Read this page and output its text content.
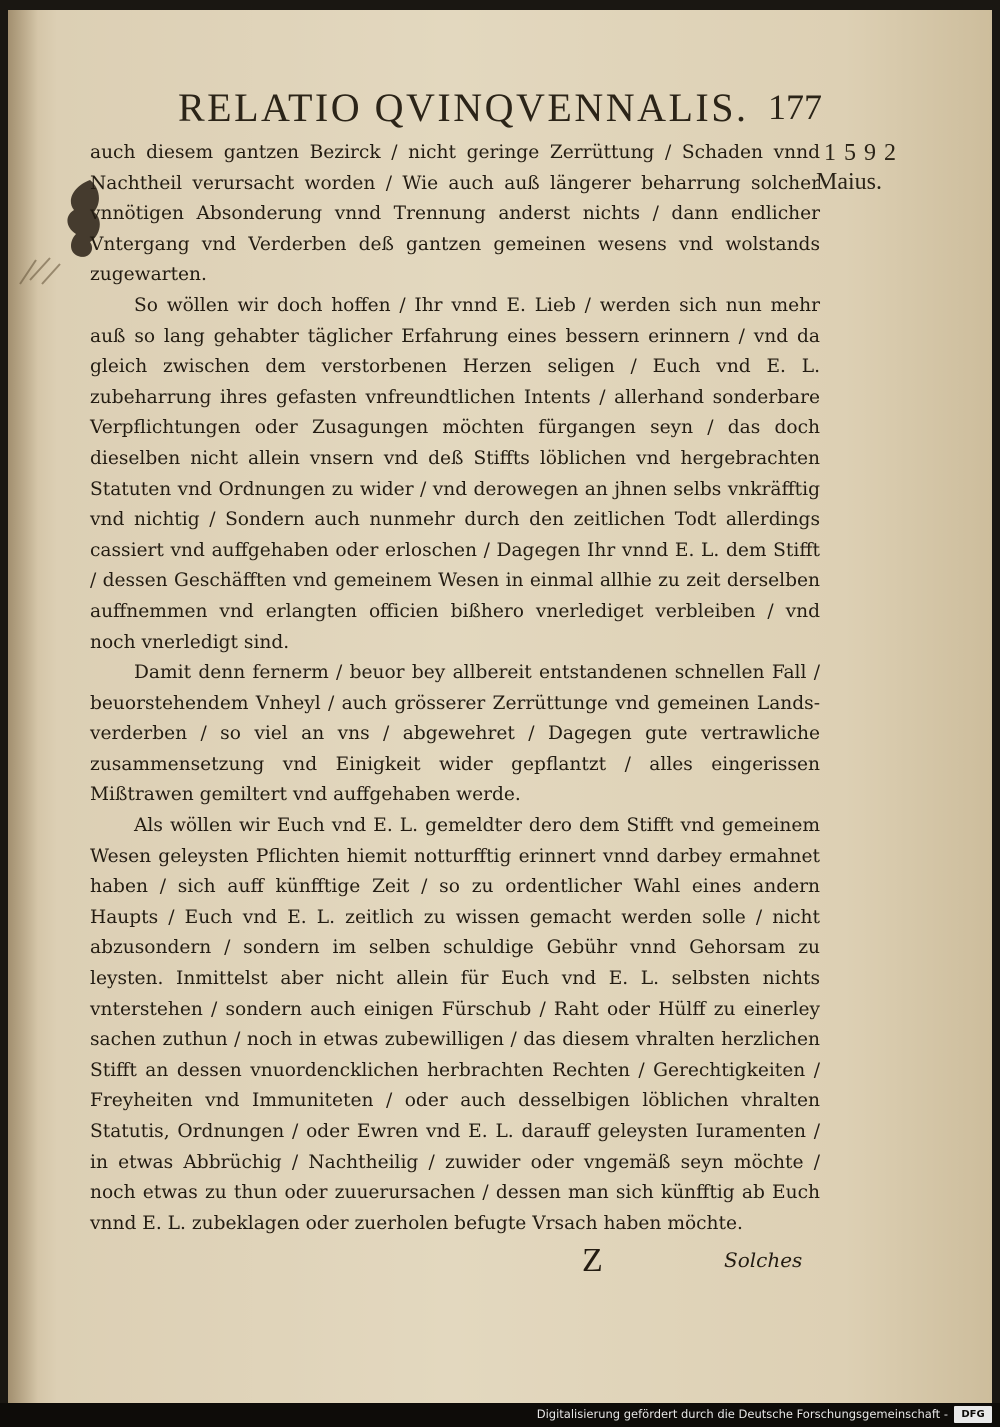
RELATIO QVINQVENNALIS. 177
1592
Maius.

auch diesem gantzen Bezirck / nicht geringe Zerrüttung / Schaden vnnd Nachtheil verursacht worden / Wie auch auß längerer beharrung solcher vnnötigen Absonderung vnnd Trennung anderst nichts / dann endlicher Vntergang vnd Verderben deß gantzen gemeinen wesens vnd wolstands zugewarten.

So wöllen wir doch hoffen / Ihr vnnd E. Lieb / werden sich nun mehr auß so lang gehabter täglicher Erfahrung eines bessern erinnern / vnd da gleich zwischen dem verstorbenen Herzen seligen / Euch vnd E. L. zubeharrung ihres gefasten vnfreundtlichen Intents / allerhand sonderbare Verpflichtungen oder Zusagungen möchten fürgangen seyn / das doch dieselben nicht allein vnsern vnd deß Stiffts löblichen vnd hergebrachten Statuten vnd Ordnungen zu wider / vnd derowegen an jhnen selbs vnkräfftig vnd nichtig / Sondern auch nunmehr durch den zeitlichen Todt allerdings cassiert vnd auffgehaben oder erloschen / Dagegen Ihr vnnd E. L. dem Stifft / dessen Geschäfften vnd gemeinem Wesen in einmal allhie zu zeit derselben auffnemmen vnd erlangten officien bißhero vnerlediget verbleiben / vnd noch vnerledigt sind.

Damit denn fernerm / beuor bey allbereit entstandenen schnellen Fall / beuorstehendem Vnheyl / auch grösserer Zerrüttunge vnd gemeinen Lands-verderben / so viel an vns / abgewehret / Dagegen gute vertrawliche zusammensetzung vnd Einigkeit wider gepflantzt / alles eingerissen Mißtrawen gemiltert vnd auffgehaben werde.

Als wöllen wir Euch vnd E. L. gemeldter dero dem Stifft vnd gemeinem Wesen geleysten Pflichten hiemit notturfftig erinnert vnnd darbey ermahnet haben / sich auff künfftige Zeit / so zu ordentlicher Wahl eines andern Haupts / Euch vnd E. L. zeitlich zu wissen gemacht werden solle / nicht abzusondern / sondern im selben schuldige Gebühr vnnd Gehorsam zu leysten. Inmittelst aber nicht allein für Euch vnd E. L. selbsten nichts vnterstehen / sondern auch einigen Fürschub / Raht oder Hülff zu einerley sachen zuthun / noch in etwas zubewilligen / das diesem vhralten herzlichen Stifft an dessen vnuordencklichen herbrachten Rechten / Gerechtigkeiten / Freyheiten vnd Immuniteten / oder auch desselbigen löblichen vhralten Statutis, Ordnungen / oder Ewren vnd E. L. darauff geleysten Iuramenten / in etwas Abbrüchig / Nachtheilig / zuwider oder vngemäß seyn möchte / noch etwas zu thun oder zuuerursachen / dessen man sich künfftig ab Euch vnnd E. L. zubeklagen oder zuerholen befugte Vrsach haben möchte.

Z	Solches
Digitalisierung gefördert durch die Deutsche Forschungsgemeinschaft -	DFG
